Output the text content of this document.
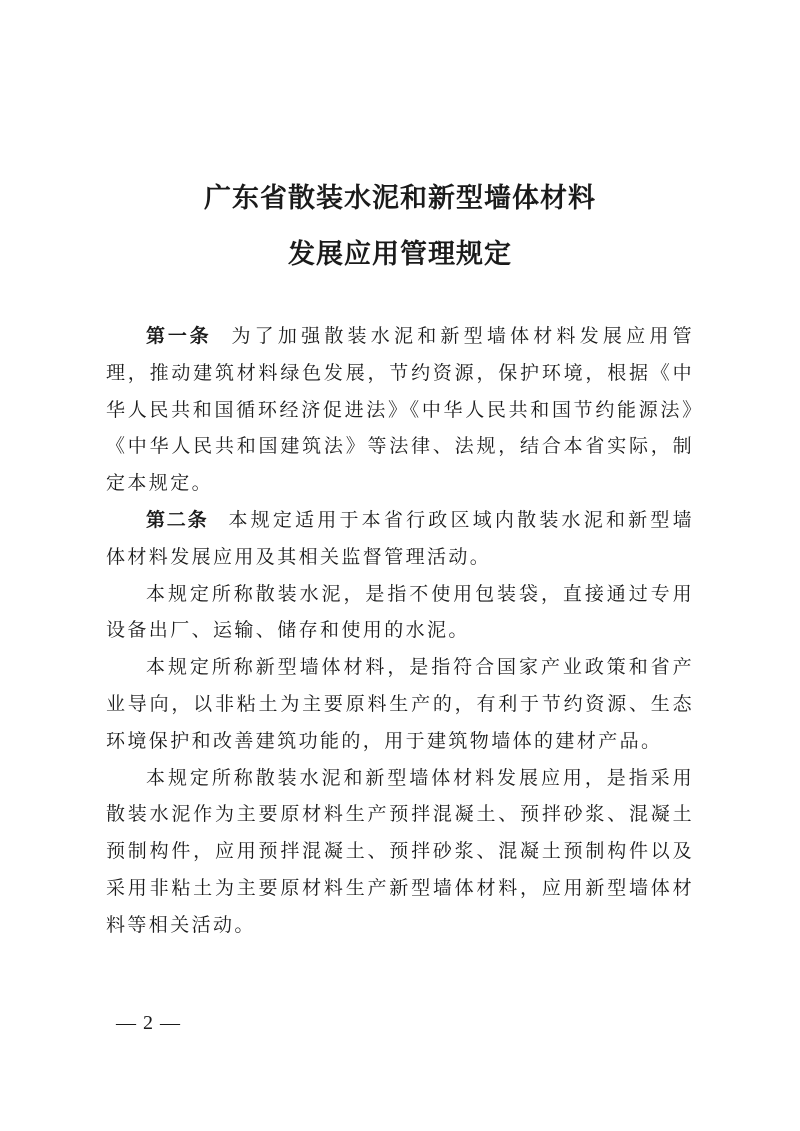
广东省散装水泥和新型墙体材料
发展应用管理规定

第一条 为了加强散装水泥和新型墙体材料发展应用管理，推动建筑材料绿色发展，节约资源，保护环境，根据《中华人民共和国循环经济促进法》《中华人民共和国节约能源法》《中华人民共和国建筑法》等法律、法规，结合本省实际，制定本规定。

第二条 本规定适用于本省行政区域内散装水泥和新型墙体材料发展应用及其相关监督管理活动。

本规定所称散装水泥，是指不使用包装袋，直接通过专用设备出厂、运输、储存和使用的水泥。

本规定所称新型墙体材料，是指符合国家产业政策和省产业导向，以非粘土为主要原料生产的，有利于节约资源、生态环境保护和改善建筑功能的，用于建筑物墙体的建材产品。

本规定所称散装水泥和新型墙体材料发展应用，是指采用散装水泥作为主要原材料生产预拌混凝土、预拌砂浆、混凝土预制构件，应用预拌混凝土、预拌砂浆、混凝土预制构件以及采用非粘土为主要原材料生产新型墙体材料，应用新型墙体材料等相关活动。

— 2 —
